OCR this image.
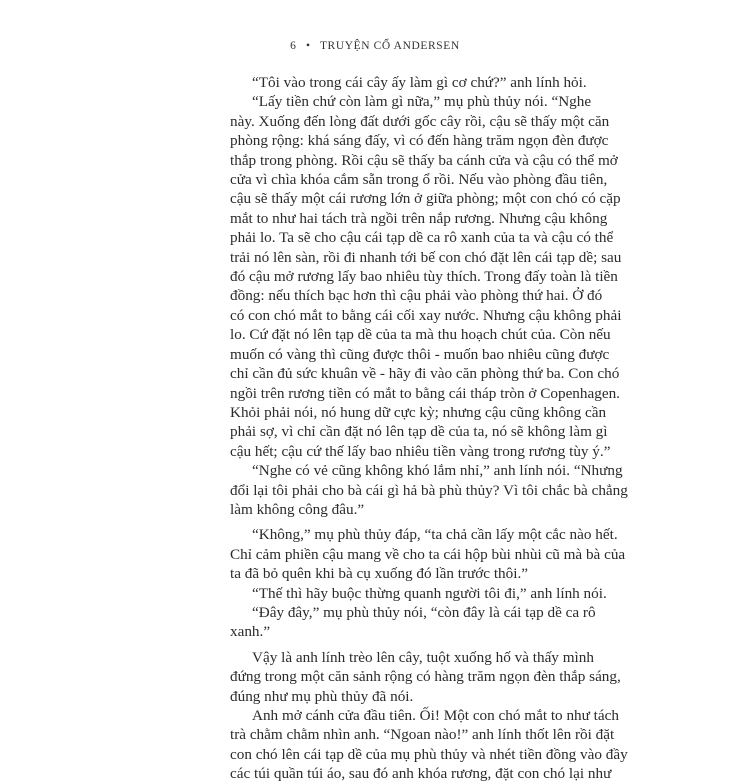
6 • TRUYỆN CỔ ANDERSEN
“Tôi vào trong cái cây ấy làm gì cơ chứ?” anh lính hỏi.
“Lấy tiền chứ còn làm gì nữa,” mụ phù thủy nói. “Nghe
này. Xuống đến lòng đất dưới gốc cây rồi, cậu sẽ thấy một căn
phòng rộng: khá sáng đấy, vì có đến hàng trăm ngọn đèn được
thắp trong phòng. Rồi cậu sẽ thấy ba cánh cửa và cậu có thể mở
cửa vì chìa khóa cắm sẵn trong ổ rồi. Nếu vào phòng đầu tiên,
cậu sẽ thấy một cái rương lớn ở giữa phòng; một con chó có cặp
mắt to như hai tách trà ngồi trên nắp rương. Nhưng cậu không
phải lo. Ta sẽ cho cậu cái tạp dề ca rô xanh của ta và cậu có thể
trải nó lên sàn, rồi đi nhanh tới bế con chó đặt lên cái tạp dề; sau
đó cậu mở rương lấy bao nhiêu tùy thích. Trong đấy toàn là tiền
đồng: nếu thích bạc hơn thì cậu phải vào phòng thứ hai. Ở đó
có con chó mắt to bằng cái cối xay nước. Nhưng cậu không phải
lo. Cứ đặt nó lên tạp dề của ta mà thu hoạch chút của. Còn nếu
muốn có vàng thì cũng được thôi - muốn bao nhiêu cũng được
chỉ cần đủ sức khuân về - hãy đi vào căn phòng thứ ba. Con chó
ngồi trên rương tiền có mắt to bằng cái tháp tròn ở Copenhagen.
Khỏi phải nói, nó hung dữ cực kỳ; nhưng cậu cũng không cần
phải sợ, vì chỉ cần đặt nó lên tạp dề của ta, nó sẽ không làm gì
cậu hết; cậu cứ thế lấy bao nhiêu tiền vàng trong rương tùy ý.”
“Nghe có vẻ cũng không khó lắm nhỉ,” anh lính nói. “Nhưng
đổi lại tôi phải cho bà cái gì hả bà phù thủy? Vì tôi chắc bà chẳng
làm không công đâu.”
“Không,” mụ phù thủy đáp, “ta chả cần lấy một cắc nào hết.
Chỉ cảm phiền cậu mang về cho ta cái hộp bùi nhùi cũ mà bà của
ta đã bỏ quên khi bà cụ xuống đó lần trước thôi.”
“Thế thì hãy buộc thừng quanh người tôi đi,” anh lính nói.
“Đây đây,” mụ phù thủy nói, “còn đây là cái tạp dề ca rô
xanh.”
Vậy là anh lính trèo lên cây, tuột xuống hố và thấy mình
đứng trong một căn sảnh rộng có hàng trăm ngọn đèn thắp sáng,
đúng như mụ phù thủy đã nói.
Anh mở cánh cửa đầu tiên. Ối! Một con chó mắt to như tách
trà chằm chằm nhìn anh. “Ngoan nào!” anh lính thốt lên rồi đặt
con chó lên cái tạp dề của mụ phù thủy và nhét tiền đồng vào đầy
các túi quần túi áo, sau đó anh khóa rương, đặt con chó lại như
